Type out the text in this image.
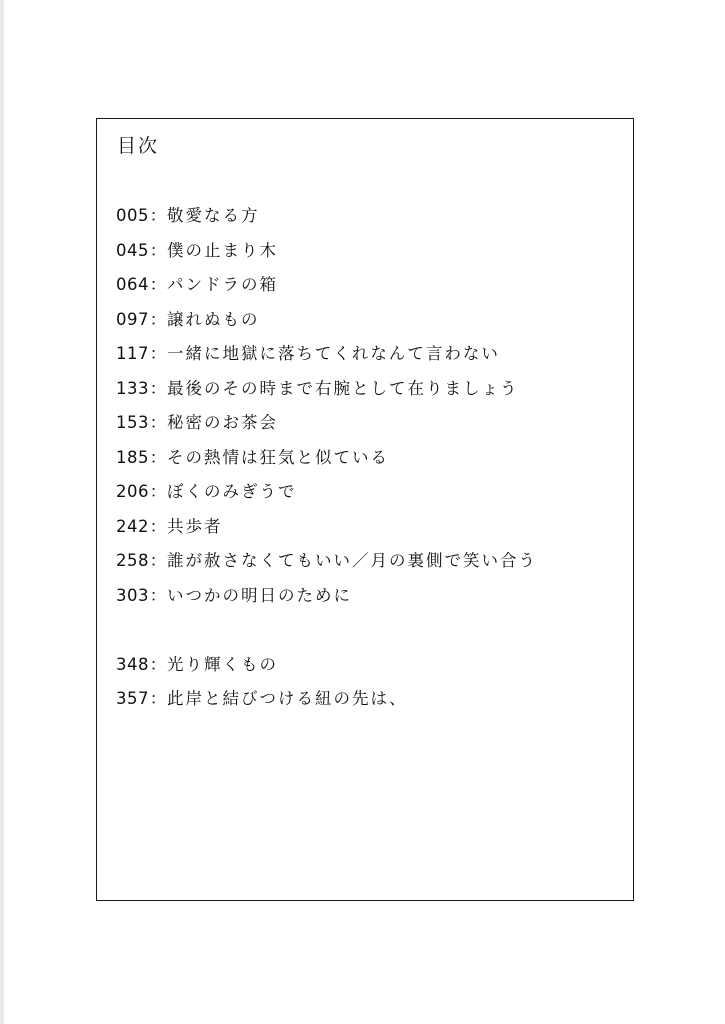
目次
005：敬愛なる方
045：僕の止まり木
064：パンドラの箱
097：譲れぬもの
117：一緒に地獄に落ちてくれなんて言わない
133：最後のその時まで右腕として在りましょう
153：秘密のお茶会
185：その熱情は狂気と似ている
206：ぼくのみぎうで
242：共歩者
258：誰が赦さなくてもいい／月の裏側で笑い合う
303：いつかの明日のために
348：光り輝くもの
357：此岸と結びつける紐の先は、
